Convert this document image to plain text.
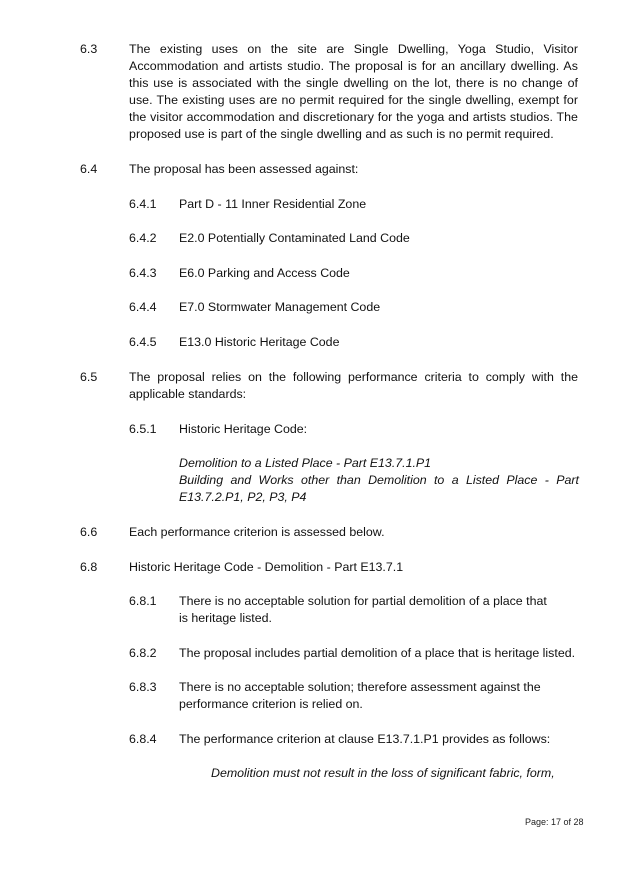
6.3	The existing uses on the site are Single Dwelling, Yoga Studio, Visitor Accommodation and artists studio. The proposal is for an ancillary dwelling. As this use is associated with the single dwelling on the lot, there is no change of use. The existing uses are no permit required for the single dwelling, exempt for the visitor accommodation and discretionary for the yoga and artists studios. The proposed use is part of the single dwelling and as such is no permit required.

6.4	The proposal has been assessed against:

6.4.1 Part D - 11 Inner Residential Zone

6.4.2 E2.0 Potentially Contaminated Land Code

6.4.3 E6.0 Parking and Access Code

6.4.4 E7.0 Stormwater Management Code

6.4.5 E13.0 Historic Heritage Code

6.5	The proposal relies on the following performance criteria to comply with the applicable standards:

6.5.1 Historic Heritage Code:

Demolition to a Listed Place - Part E13.7.1.P1

Building and Works other than Demolition to a Listed Place - Part E13.7.2.P1, P2, P3, P4

6.6	Each performance criterion is assessed below.

6.8	Historic Heritage Code - Demolition - Part E13.7.1

6.8.1 There is no acceptable solution for partial demolition of a place that is heritage listed.

6.8.2 The proposal includes partial demolition of a place that is heritage listed.

6.8.3 There is no acceptable solution; therefore assessment against the performance criterion is relied on.

6.8.4 The performance criterion at clause E13.7.1.P1 provides as follows:

Demolition must not result in the loss of significant fabric, form,

Page: 17 of 28
